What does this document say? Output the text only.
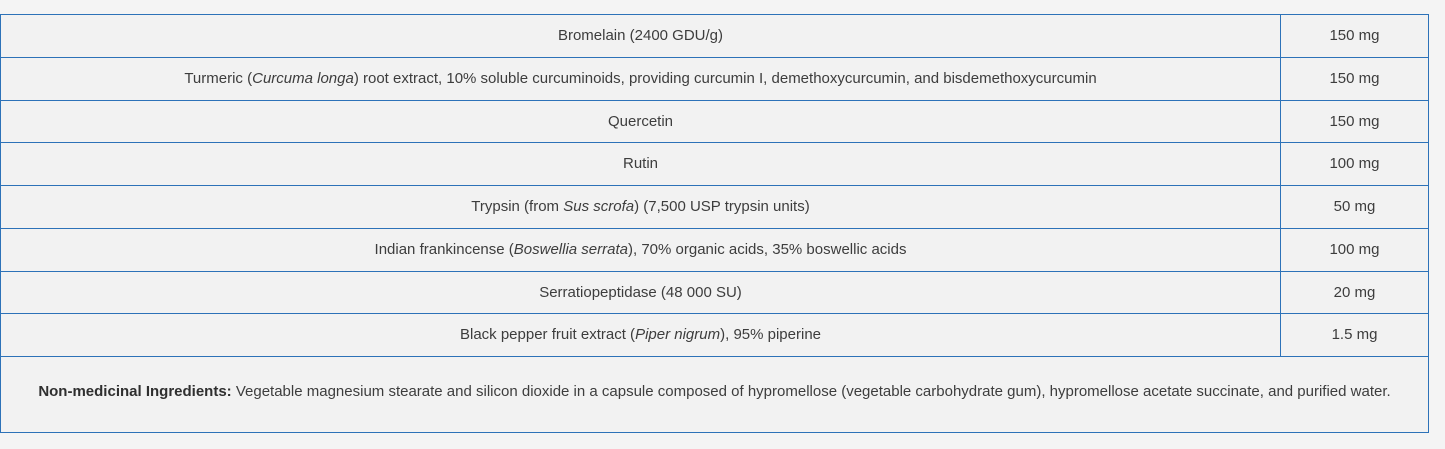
Bromelain (2400 GDU/g)	150 mg
Turmeric (Curcuma longa) root extract, 10% soluble curcuminoids, providing curcumin I, demethoxycurcumin, and bisdemethoxycurcumin	150 mg
Quercetin	150 mg
Rutin	100 mg
Trypsin (from Sus scrofa) (7,500 USP trypsin units)	50 mg
Indian frankincense (Boswellia serrata), 70% organic acids, 35% boswellic acids	100 mg
Serratiopeptidase (48 000 SU)	20 mg
Black pepper fruit extract (Piper nigrum), 95% piperine	1.5 mg
Non-medicinal Ingredients: Vegetable magnesium stearate and silicon dioxide in a capsule composed of hypromellose (vegetable carbohydrate gum), hypromellose acetate succinate, and purified water.	
